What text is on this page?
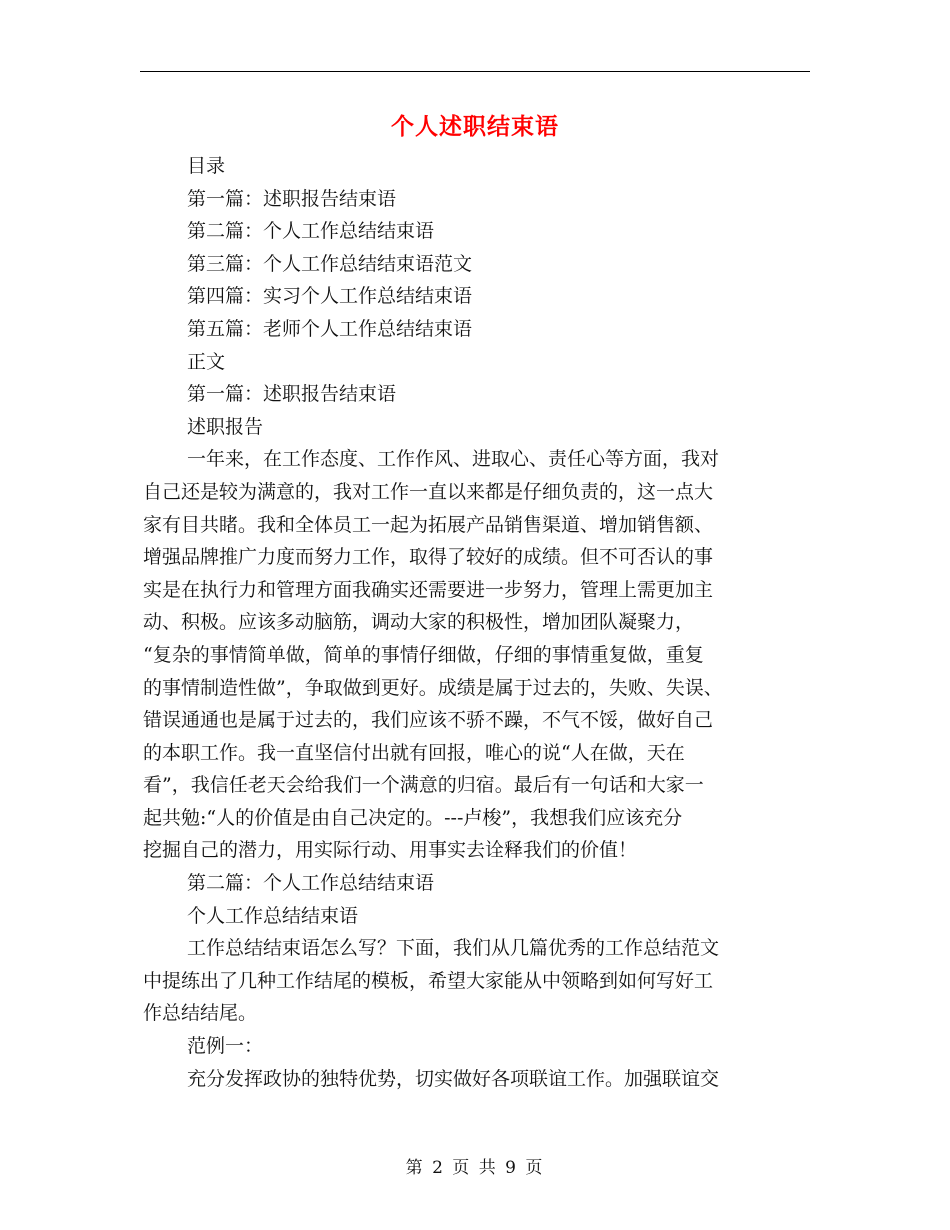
个人述职结束语
目录
第一篇：述职报告结束语
第二篇：个人工作总结结束语
第三篇：个人工作总结结束语范文
第四篇：实习个人工作总结结束语
第五篇：老师个人工作总结结束语
正文
第一篇：述职报告结束语
述职报告
一年来，在工作态度、工作作风、进取心、责任心等方面，我对
自己还是较为满意的，我对工作一直以来都是仔细负责的，这一点大
家有目共睹。我和全体员工一起为拓展产品销售渠道、增加销售额、
增强品牌推广力度而努力工作，取得了较好的成绩。但不可否认的事
实是在执行力和管理方面我确实还需要进一步努力，管理上需更加主
动、积极。应该多动脑筋，调动大家的积极性，增加团队凝聚力，
“复杂的事情简单做，简单的事情仔细做，仔细的事情重复做，重复
的事情制造性做”，争取做到更好。成绩是属于过去的，失败、失误、
错误通通也是属于过去的，我们应该不骄不躁，不气不馁，做好自己
的本职工作。我一直坚信付出就有回报，唯心的说“人在做，天在
看”，我信任老天会给我们一个满意的归宿。最后有一句话和大家一
起共勉:“人的价值是由自己决定的。---卢梭”，我想我们应该充分
挖掘自己的潜力，用实际行动、用事实去诠释我们的价值！
第二篇：个人工作总结结束语
个人工作总结结束语
工作总结结束语怎么写？下面，我们从几篇优秀的工作总结范文
中提练出了几种工作结尾的模板，希望大家能从中领略到如何写好工
作总结结尾。
范例一：
充分发挥政协的独特优势，切实做好各项联谊工作。加强联谊交
第 2 页 共 9 页
